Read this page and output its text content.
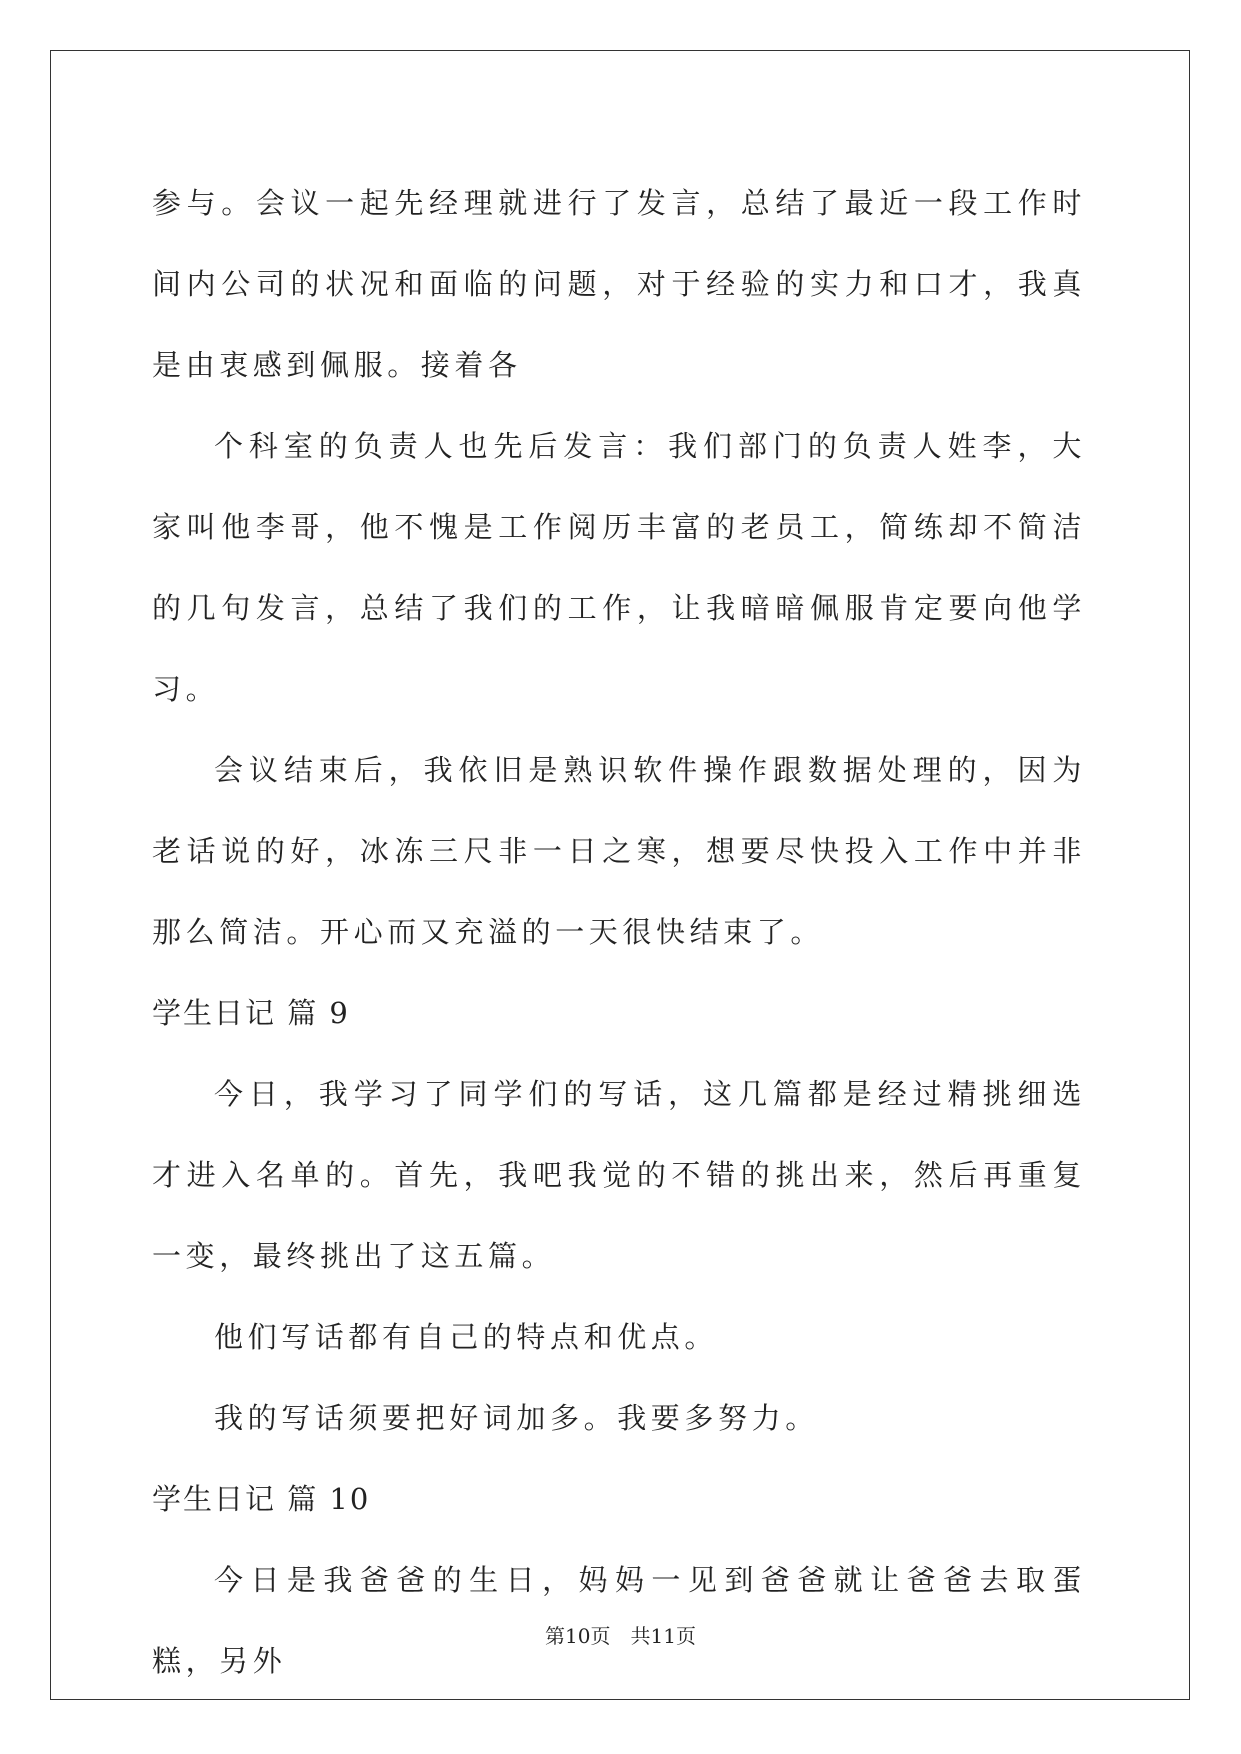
参与。会议一起先经理就进行了发言，总结了最近一段工作时间内公司的状况和面临的问题，对于经验的实力和口才，我真是由衷感到佩服。接着各

个科室的负责人也先后发言：我们部门的负责人姓李，大家叫他李哥，他不愧是工作阅历丰富的老员工，简练却不简洁的几句发言，总结了我们的工作，让我暗暗佩服肯定要向他学习。

会议结束后，我依旧是熟识软件操作跟数据处理的，因为老话说的好，冰冻三尺非一日之寒，想要尽快投入工作中并非那么简洁。开心而又充溢的一天很快结束了。

学生日记 篇 9

今日，我学习了同学们的写话，这几篇都是经过精挑细选才进入名单的。首先，我吧我觉的不错的挑出来，然后再重复一变，最终挑出了这五篇。

他们写话都有自己的特点和优点。

我的写话须要把好词加多。我要多努力。

学生日记 篇 10

今日是我爸爸的生日，妈妈一见到爸爸就让爸爸去取蛋糕，另外

第10页　共11页
